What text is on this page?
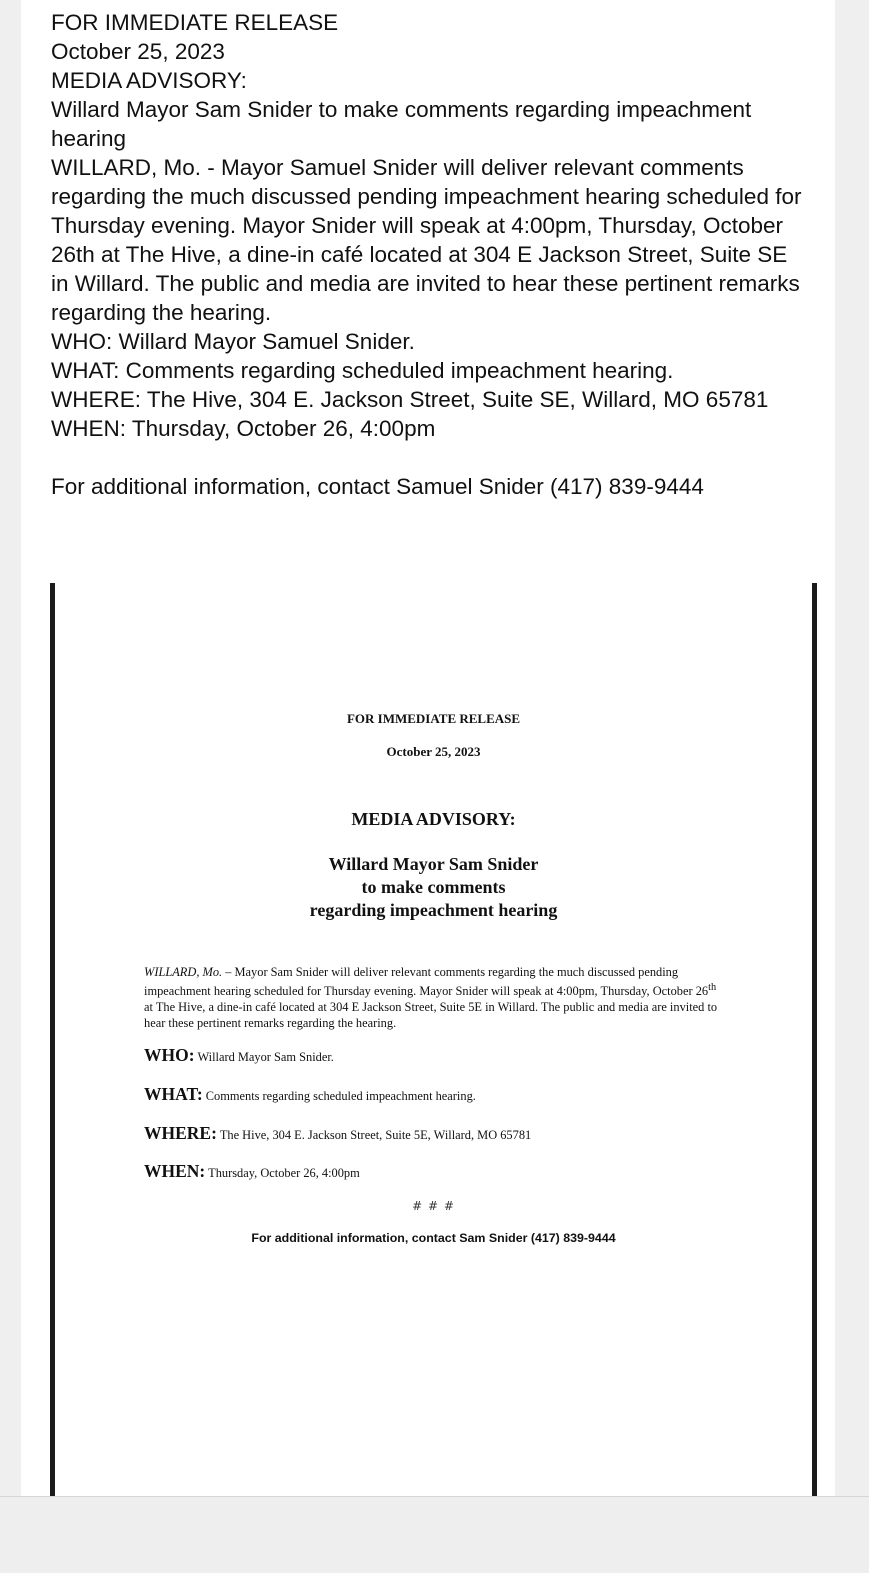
FOR IMMEDIATE RELEASE

October 25, 2023

MEDIA ADVISORY:

Willard Mayor Sam Snider to make comments regarding impeachment hearing

WILLARD, Mo. - Mayor Samuel Snider will deliver relevant comments regarding the much discussed pending impeachment hearing scheduled for Thursday evening. Mayor Snider will speak at 4:00pm, Thursday, October 26th at The Hive, a dine-in café located at 304 E Jackson Street, Suite SE in Willard. The public and media are invited to hear these pertinent remarks regarding the hearing.

WHO: Willard Mayor Samuel Snider.

WHAT: Comments regarding scheduled impeachment hearing.

WHERE: The Hive, 304 E. Jackson Street, Suite SE, Willard, MO 65781

WHEN: Thursday, October 26, 4:00pm

For additional information, contact Samuel Snider (417) 839-9444

FOR IMMEDIATE RELEASE
October 25, 2023
MEDIA ADVISORY:
Willard Mayor Sam Snider
to make comments
regarding impeachment hearing
WILLARD, Mo. – Mayor Sam Snider will deliver relevant comments regarding the much discussed pending impeachment hearing scheduled for Thursday evening. Mayor Snider will speak at 4:00pm, Thursday, October 26th at The Hive, a dine-in café located at 304 E Jackson Street, Suite 5E in Willard. The public and media are invited to hear these pertinent remarks regarding the hearing.
WHO: Willard Mayor Sam Snider.
WHAT: Comments regarding scheduled impeachment hearing.
WHERE: The Hive, 304 E. Jackson Street, Suite 5E, Willard, MO 65781
WHEN: Thursday, October 26, 4:00pm
# # #
For additional information, contact Sam Snider (417) 839-9444
